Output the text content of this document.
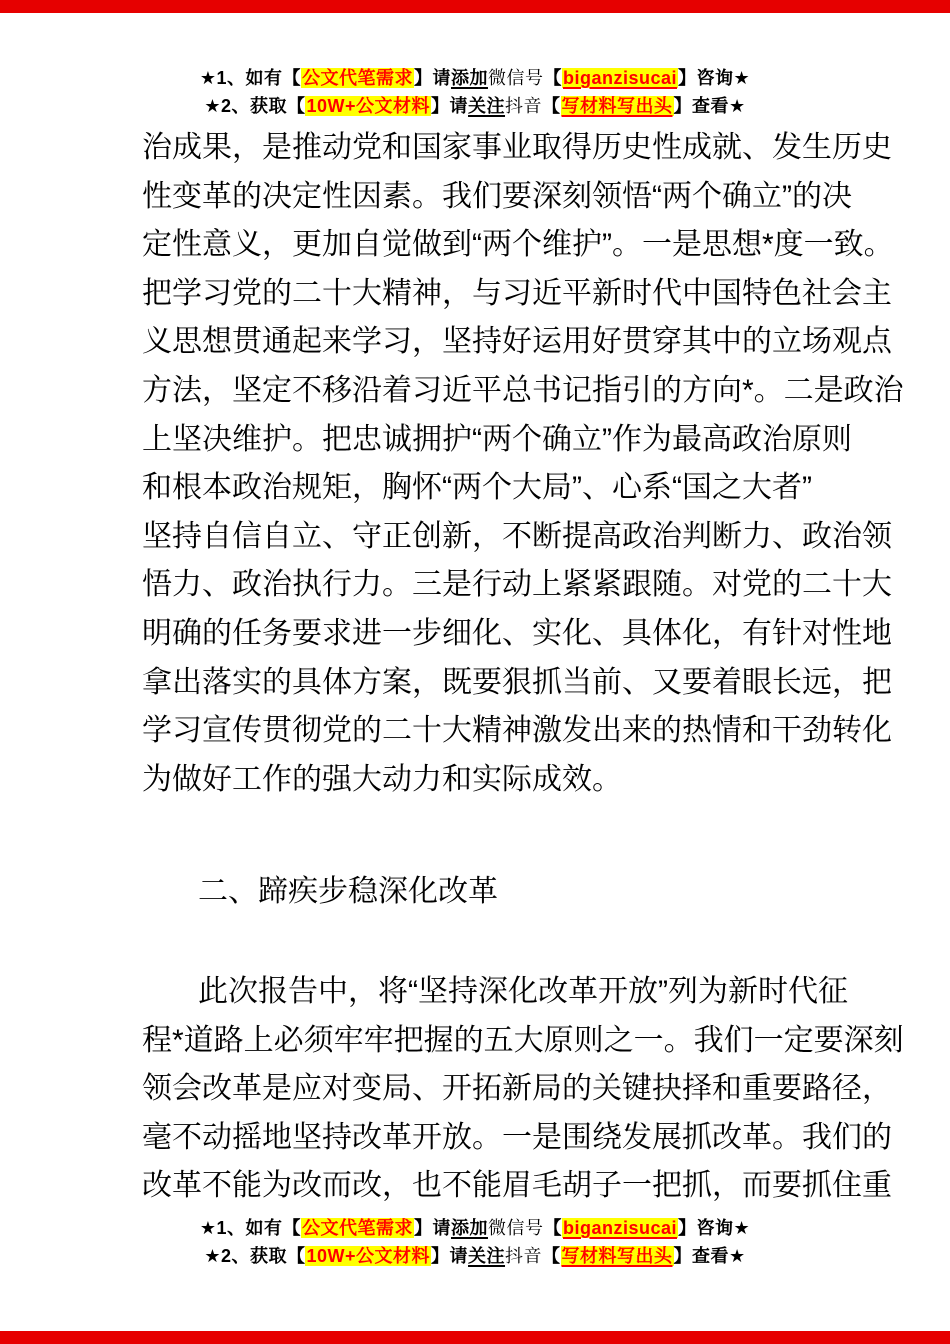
★1、如有【公文代笔需求】请添加微信号【biganzisucai】咨询★
★2、获取【10W+公文材料】请关注抖音【写材料写出头】查看★
治成果，是推动党和国家事业取得历史性成就、发生历史
性变革的决定性因素。我们要深刻领悟“两个确立”的决
定性意义，更加自觉做到“两个维护”。一是思想*度一致。
把学习党的二十大精神，与习近平新时代中国特色社会主
义思想贯通起来学习，坚持好运用好贯穿其中的立场观点
方法，坚定不移沿着习近平总书记指引的方向*。二是政治
上坚决维护。把忠诚拥护“两个确立”作为最高政治原则
和根本政治规矩，胸怀“两个大局”、心系“国之大者”
坚持自信自立、守正创新，不断提高政治判断力、政治领
悟力、政治执行力。三是行动上紧紧跟随。对党的二十大
明确的任务要求进一步细化、实化、具体化，有针对性地
拿出落实的具体方案，既要狠抓当前、又要着眼长远，把
学习宣传贯彻党的二十大精神激发出来的热情和干劲转化
为做好工作的强大动力和实际成效。
二、蹄疾步稳深化改革
此次报告中，将“坚持深化改革开放”列为新时代征
程*道路上必须牢牢把握的五大原则之一。我们一定要深刻
领会改革是应对变局、开拓新局的关键抉择和重要路径，
毫不动摇地坚持改革开放。一是围绕发展抓改革。我们的
改革不能为改而改，也不能眉毛胡子一把抓，而要抓住重
★1、如有【公文代笔需求】请添加微信号【biganzisucai】咨询★
★2、获取【10W+公文材料】请关注抖音【写材料写出头】查看★
